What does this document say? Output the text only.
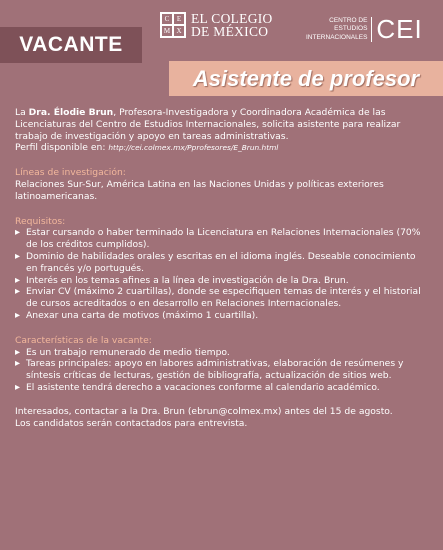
VACANTE
C	E
M X
EL COLEGIO
DE MÉXICO
CENTRO DE
ESTUDIOS
INTERNACIONALES CEI
Asistente de profesor

La Dra. Élodie Brun, Profesora-Investigadora y Coordinadora Académica de las Licenciaturas del Centro de Estudios Internacionales, solicita asistente para realizar trabajo de investigación y apoyo en tareas administrativas.

Perfil disponible en: http://cei.colmex.mx/Pprofesores/E_Brun.html

Líneas de investigación:

Relaciones Sur-Sur, América Latina en las Naciones Unidas y políticas exteriores latinoamericanas.

Requisitos:

▸ Estar cursando o haber terminado la Licenciatura en Relaciones Internacionales (70% de los créditos cumplidos).
▸ Dominio de habilidades orales y escritas en el idioma inglés. Deseable conocimiento en francés y/o portugués.
▸ Interés en los temas afines a la línea de investigación de la Dra. Brun.
▸ Enviar CV (máximo 2 cuartillas), donde se especifiquen temas de interés y el historial de cursos acreditados o en desarrollo en Relaciones Internacionales.
▸ Anexar una carta de motivos (máximo 1 cuartilla).

Características de la vacante:

▸ Es un trabajo remunerado de medio tiempo.
▸ Tareas principales: apoyo en labores administrativas, elaboración de resúmenes y síntesis críticas de lecturas, gestión de bibliografía, actualización de sitios web.
▸ El asistente tendrá derecho a vacaciones conforme al calendario académico.

Interesados, contactar a la Dra. Brun (ebrun@colmex.mx) antes del 15 de agosto.

Los candidatos serán contactados para entrevista.
